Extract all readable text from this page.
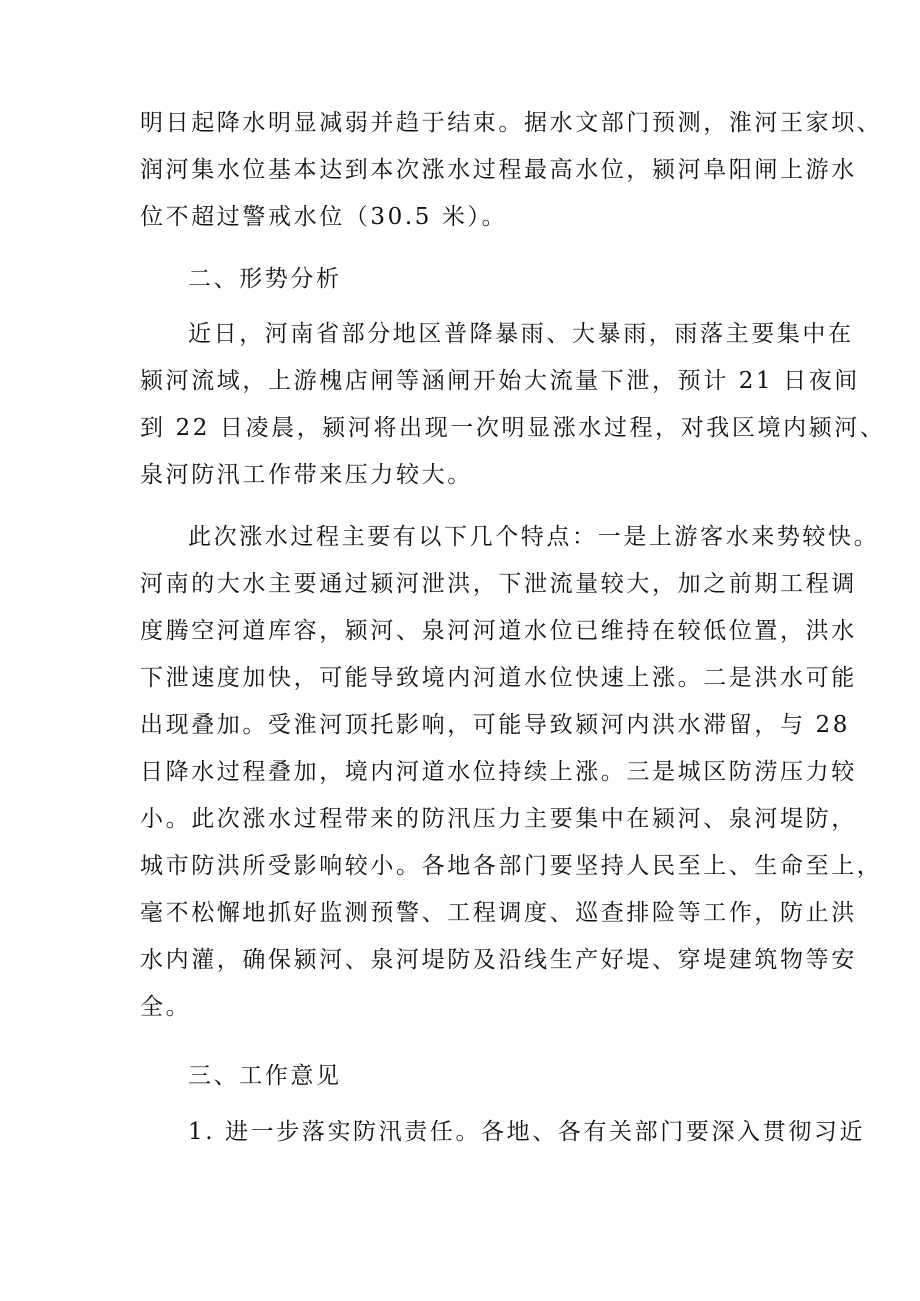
明日起降水明显减弱并趋于结束。据水文部门预测，淮河王家坝、
润河集水位基本达到本次涨水过程最高水位，颍河阜阳闸上游水
位不超过警戒水位（30.5 米）。
二、形势分析
近日，河南省部分地区普降暴雨、大暴雨，雨落主要集中在
颍河流域，上游槐店闸等涵闸开始大流量下泄，预计 21 日夜间
到 22 日凌晨，颍河将出现一次明显涨水过程，对我区境内颍河、
泉河防汛工作带来压力较大。
此次涨水过程主要有以下几个特点：一是上游客水来势较快。
河南的大水主要通过颍河泄洪，下泄流量较大，加之前期工程调
度腾空河道库容，颍河、泉河河道水位已维持在较低位置，洪水
下泄速度加快，可能导致境内河道水位快速上涨。二是洪水可能
出现叠加。受淮河顶托影响，可能导致颍河内洪水滞留，与 28
日降水过程叠加，境内河道水位持续上涨。三是城区防涝压力较
小。此次涨水过程带来的防汛压力主要集中在颍河、泉河堤防，
城市防洪所受影响较小。各地各部门要坚持人民至上、生命至上，
毫不松懈地抓好监测预警、工程调度、巡查排险等工作，防止洪
水内灌，确保颍河、泉河堤防及沿线生产好堤、穿堤建筑物等安
全。
三、工作意见
1. 进一步落实防汛责任。各地、各有关部门要深入贯彻习近
